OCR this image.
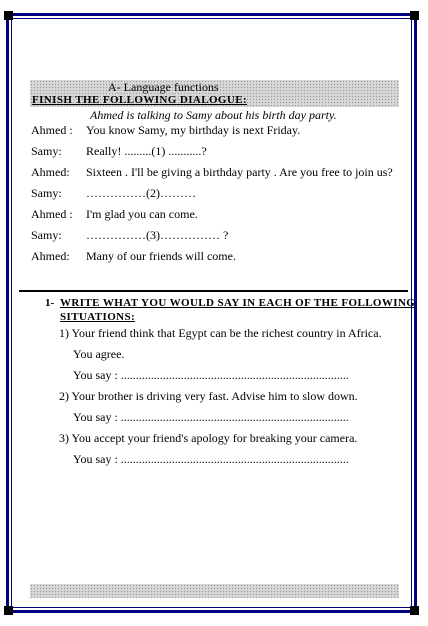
A- Language functions
FINISH THE FOLLOWING DIALOGUE:
Ahmed is talking to Samy about his birth day party.
Ahmed : You know Samy, my birthday is next Friday.
Samy: Really! .........(1) ...........?
Ahmed: Sixteen . I'll be giving a birthday party . Are you free to join us?
Samy: ……………(2)………
Ahmed : I'm glad you can come.
Samy: ……………(3)…………… ?
Ahmed: Many of our friends will come.
1- WRITE WHAT YOU WOULD SAY IN EACH OF THE FOLLOWING
SITUATIONS:
1) Your friend think that Egypt can be the richest country in Africa.
You agree.
You say : ............................................................................
2) Your brother is driving very fast. Advise him to slow down.
You say : ............................................................................
3) You accept your friend's apology for breaking your camera.
You say : ............................................................................
